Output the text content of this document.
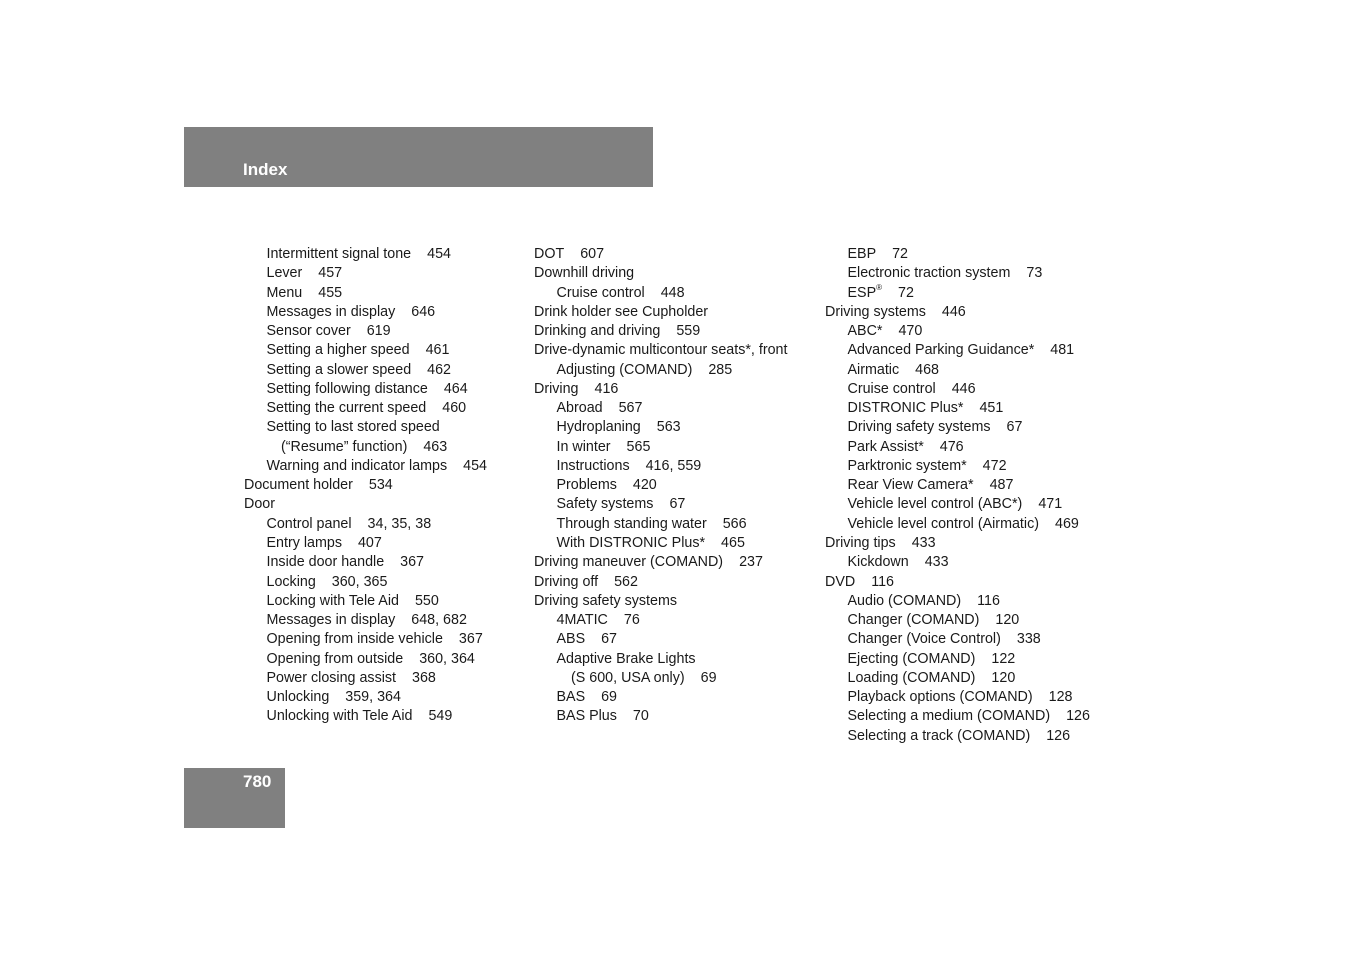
Index
Intermittent signal tone 454
Lever 457
Menu 455
Messages in display 646
Sensor cover 619
Setting a higher speed 461
Setting a slower speed 462
Setting following distance 464
Setting the current speed 460
Setting to last stored speed
(“Resume” function) 463
Warning and indicator lamps 454
Document holder 534
Door
Control panel 34, 35, 38
Entry lamps 407
Inside door handle 367
Locking 360, 365
Locking with Tele Aid 550
Messages in display 648, 682
Opening from inside vehicle 367
Opening from outside 360, 364
Power closing assist 368
Unlocking 359, 364
Unlocking with Tele Aid 549
DOT 607
Downhill driving
Cruise control 448
Drink holder see Cupholder
Drinking and driving 559
Drive-dynamic multicontour seats*, front
Adjusting (COMAND) 285
Driving 416
Abroad 567
Hydroplaning 563
In winter 565
Instructions 416, 559
Problems 420
Safety systems 67
Through standing water 566
With DISTRONIC Plus* 465
Driving maneuver (COMAND) 237
Driving off 562
Driving safety systems
4MATIC 76
ABS 67
Adaptive Brake Lights
(S 600, USA only) 69
BAS 69
BAS Plus 70
EBP 72
Electronic traction system 73
ESP® 72
Driving systems 446
ABC* 470
Advanced Parking Guidance* 481
Airmatic 468
Cruise control 446
DISTRONIC Plus* 451
Driving safety systems 67
Park Assist* 476
Parktronic system* 472
Rear View Camera* 487
Vehicle level control (ABC*) 471
Vehicle level control (Airmatic) 469
Driving tips 433
Kickdown 433
DVD 116
Audio (COMAND) 116
Changer (COMAND) 120
Changer (Voice Control) 338
Ejecting (COMAND) 122
Loading (COMAND) 120
Playback options (COMAND) 128
Selecting a medium (COMAND) 126
Selecting a track (COMAND) 126
780
